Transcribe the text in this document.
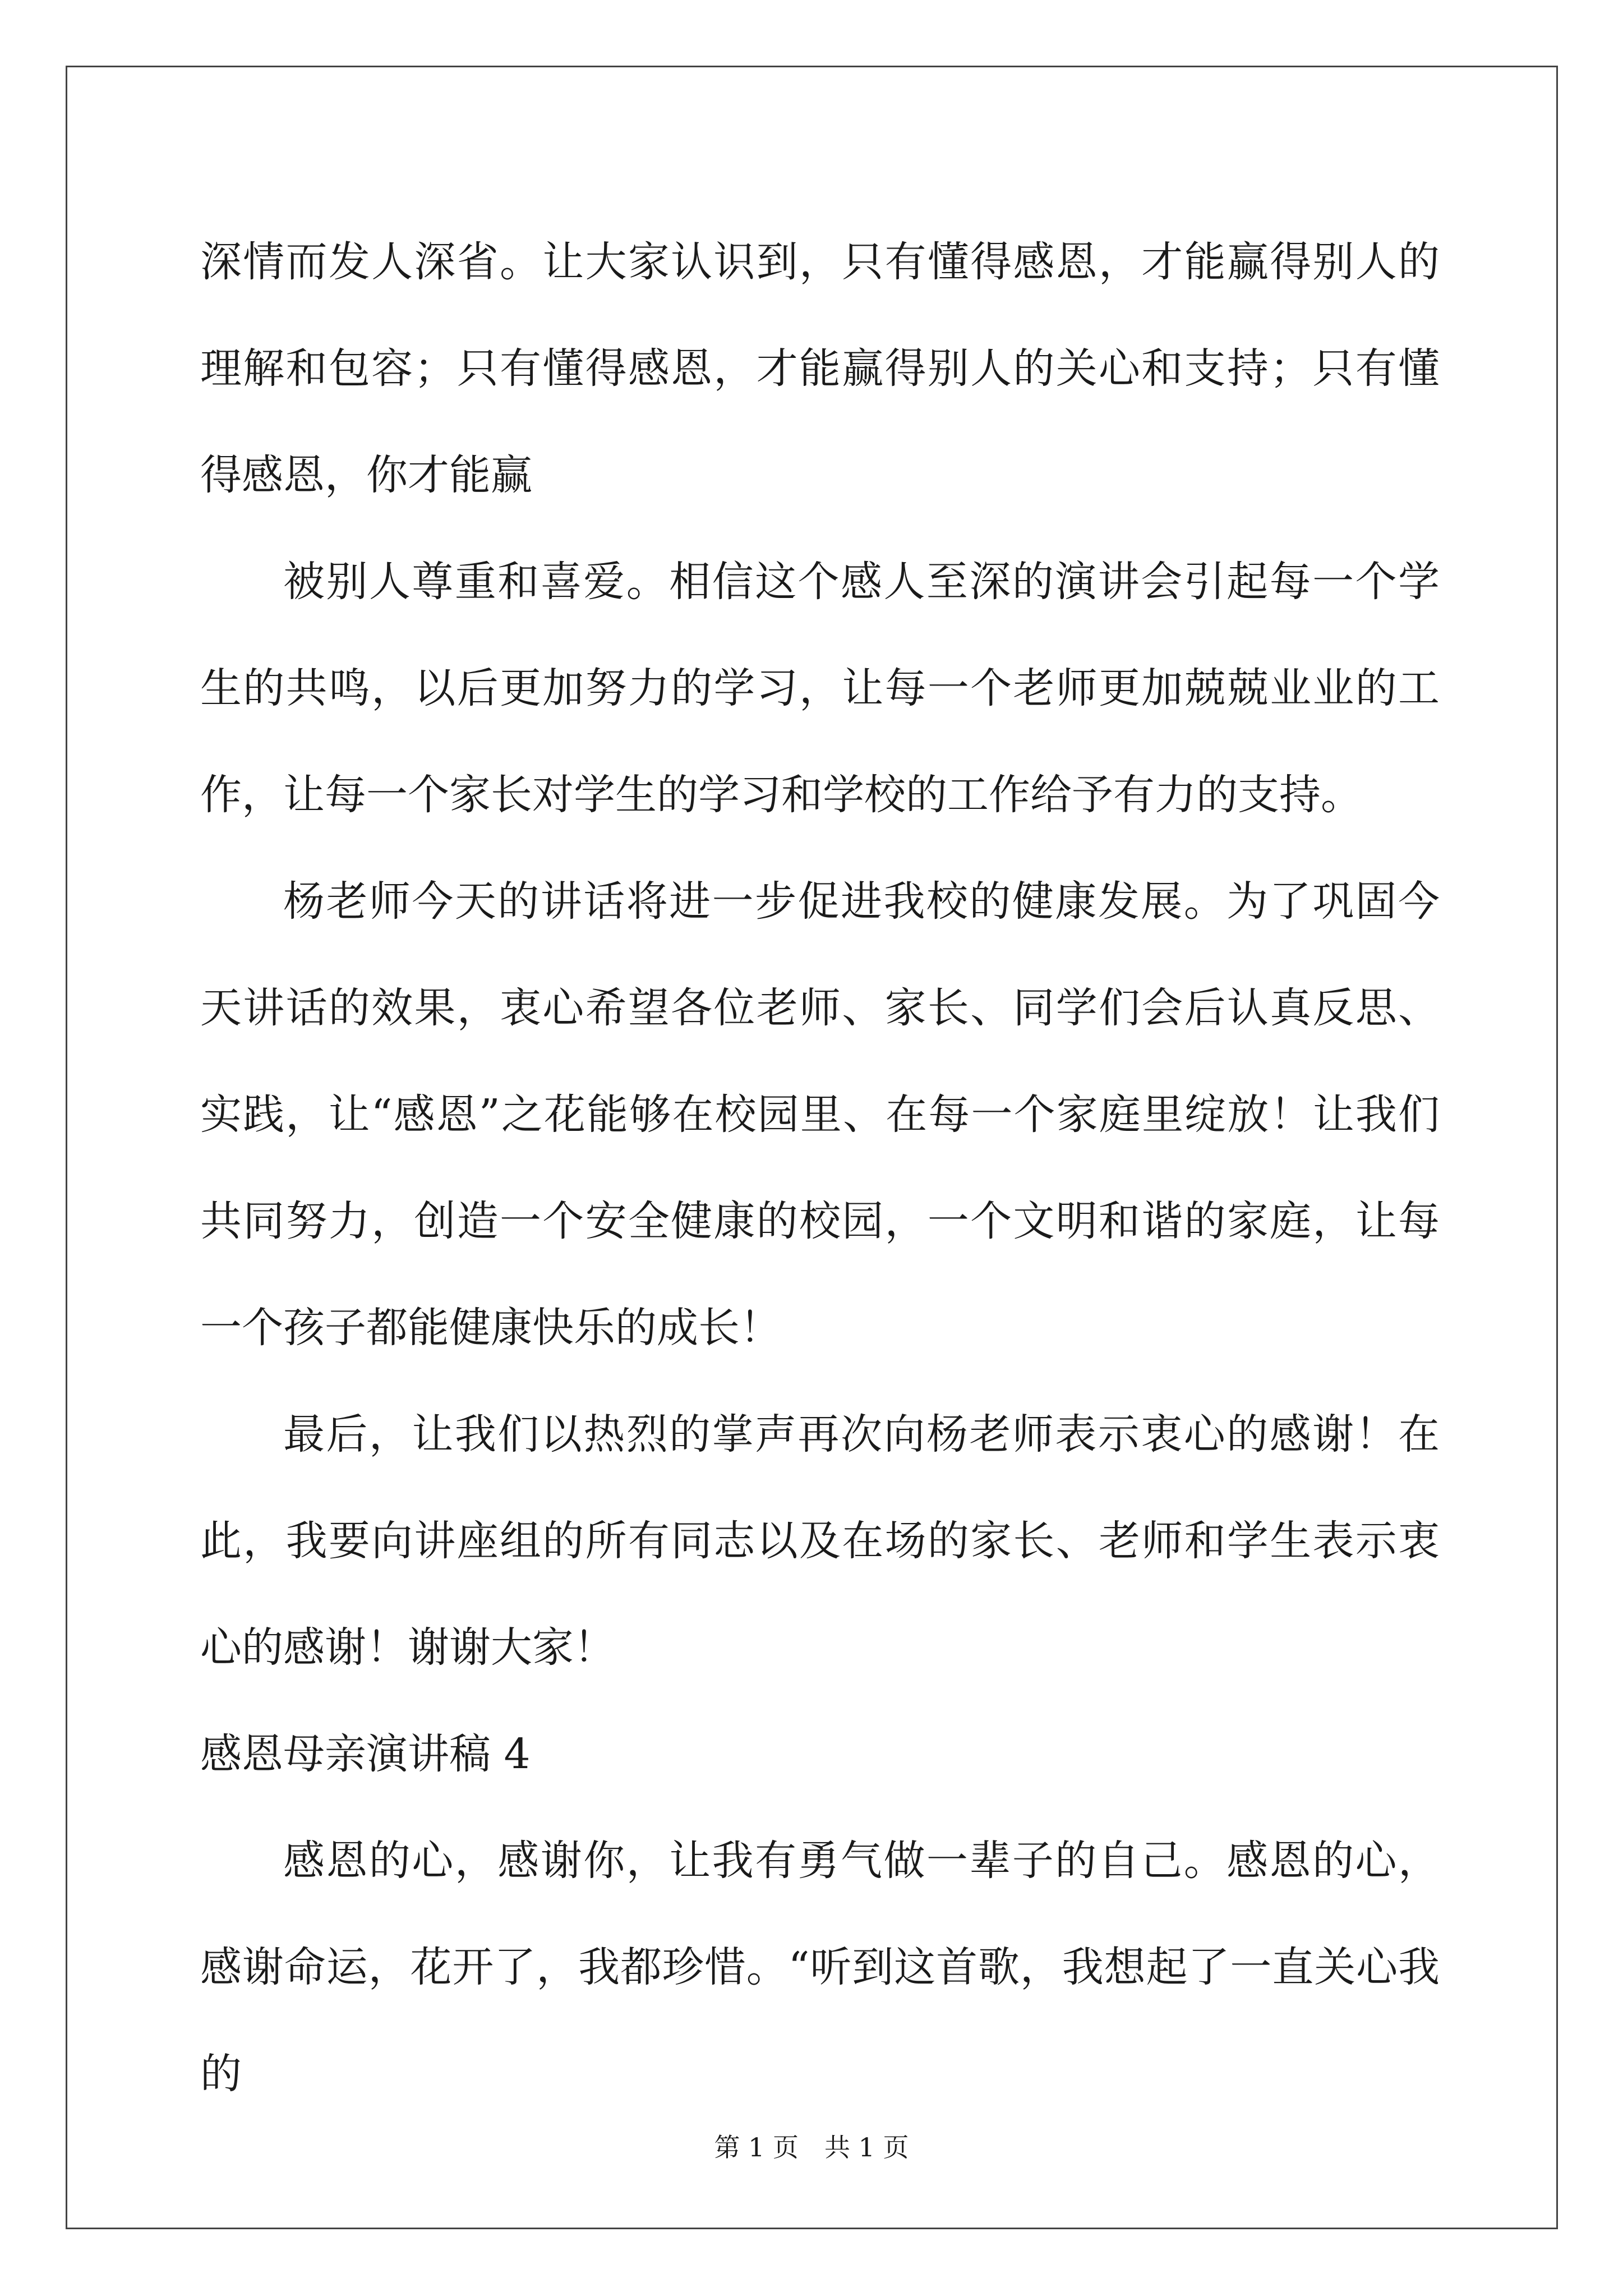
深情而发人深省。让大家认识到，只有懂得感恩，才能赢得别人的理解和包容；只有懂得感恩，才能赢得别人的关心和支持；只有懂得感恩，你才能赢

被别人尊重和喜爱。相信这个感人至深的演讲会引起每一个学生的共鸣，以后更加努力的学习，让每一个老师更加兢兢业业的工作，让每一个家长对学生的学习和学校的工作给予有力的支持。

杨老师今天的讲话将进一步促进我校的健康发展。为了巩固今天讲话的效果，衷心希望各位老师、家长、同学们会后认真反思、实践，让“感恩”之花能够在校园里、在每一个家庭里绽放！让我们共同努力，创造一个安全健康的校园，一个文明和谐的家庭，让每一个孩子都能健康快乐的成长！

最后，让我们以热烈的掌声再次向杨老师表示衷心的感谢！在此，我要向讲座组的所有同志以及在场的家长、老师和学生表示衷心的感谢！谢谢大家！

感恩母亲演讲稿 4

感恩的心，感谢你，让我有勇气做一辈子的自己。感恩的心，感谢命运，花开了，我都珍惜。“听到这首歌，我想起了一直关心我的

第 1 页 共 1 页
